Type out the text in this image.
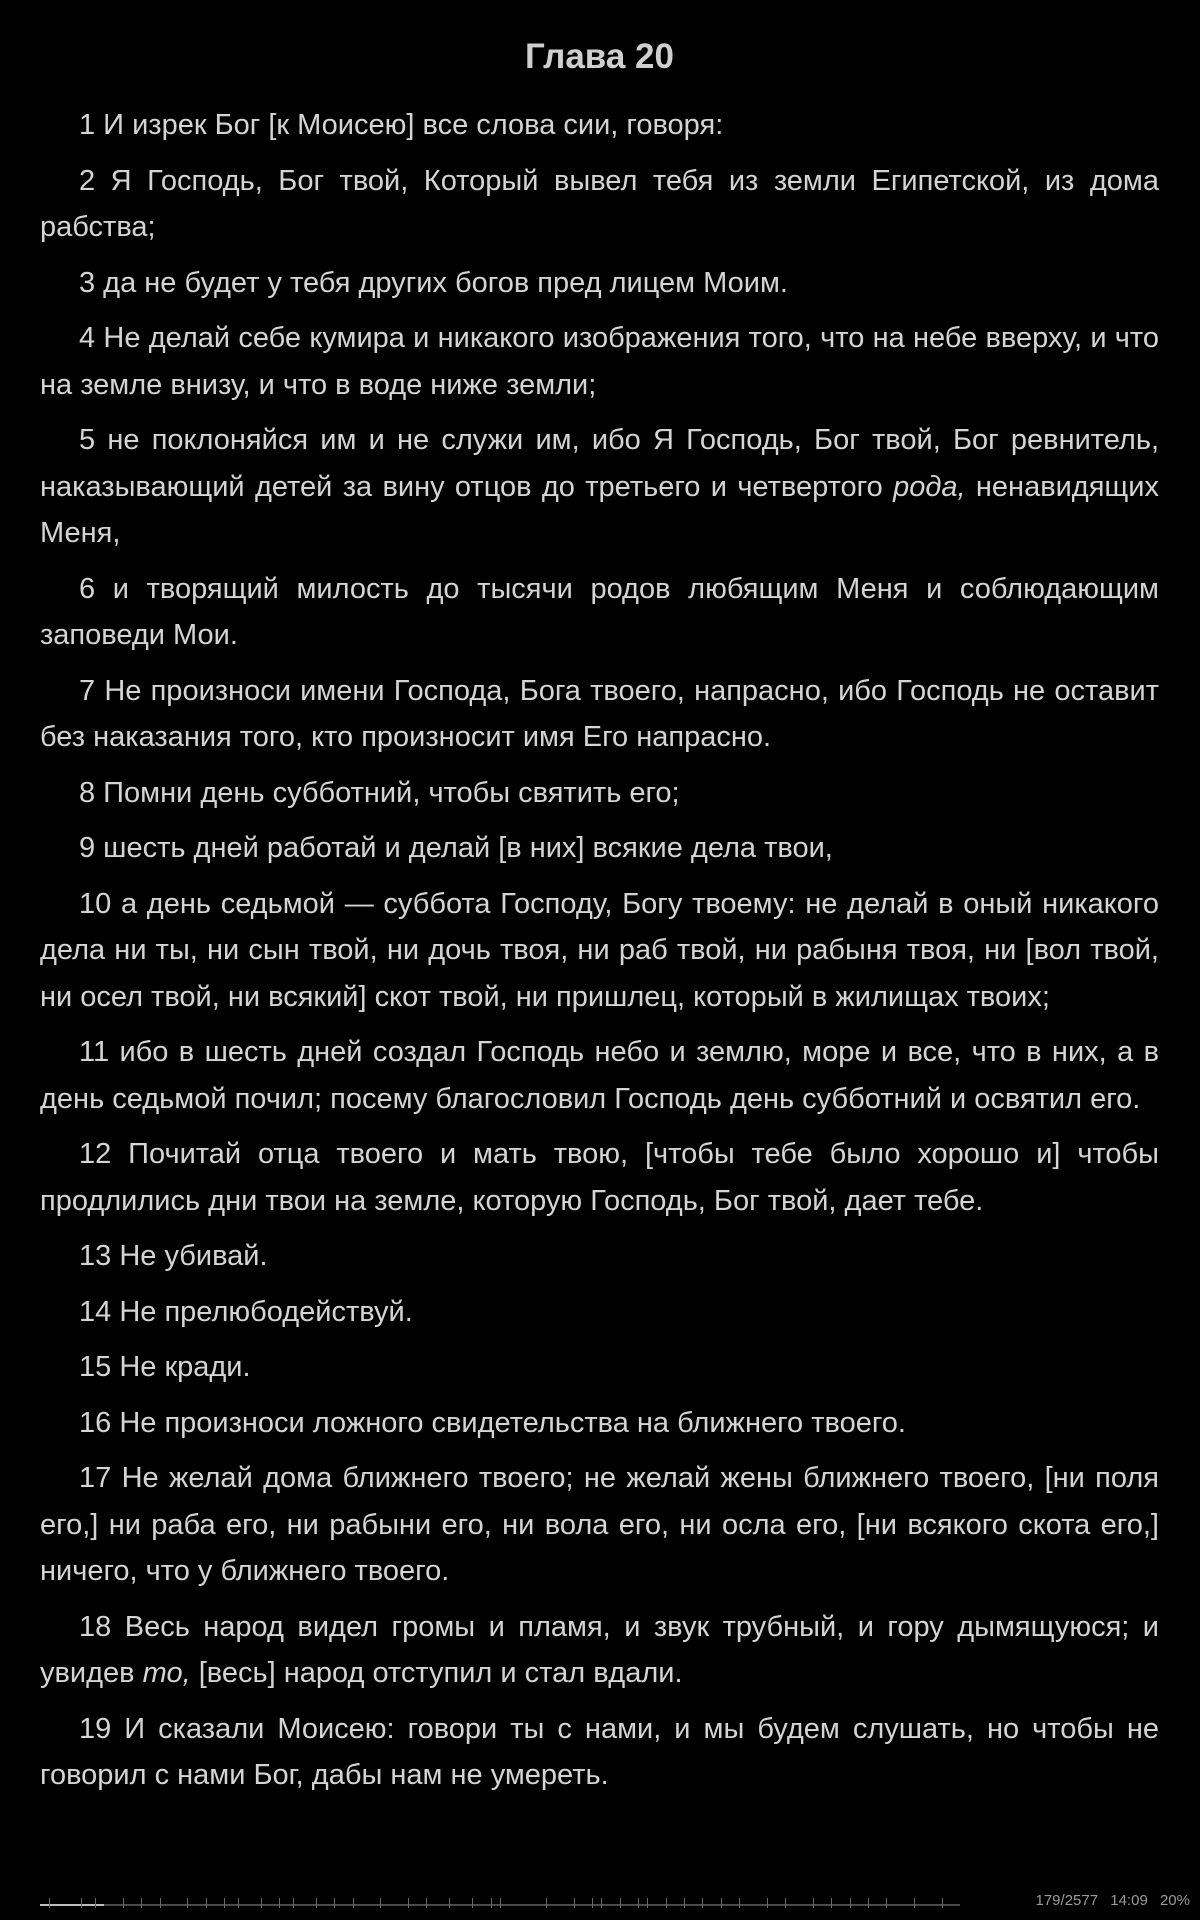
Глава 20

1 И изрек Бог [к Моисею] все слова сии, говоря:

2 Я Господь, Бог твой, Который вывел тебя из земли Египетской, из дома рабства;

3 да не будет у тебя других богов пред лицем Моим.

4 Не делай себе кумира и никакого изображения того, что на небе вверху, и что на земле внизу, и что в воде ниже земли;

5 не поклоняйся им и не служи им, ибо Я Господь, Бог твой, Бог ревнитель, наказывающий детей за вину отцов до третьего и четвертого рода, ненавидящих Меня,

6 и творящий милость до тысячи родов любящим Меня и соблюдающим заповеди Мои.

7 Не произноси имени Господа, Бога твоего, напрасно, ибо Господь не оставит без наказания того, кто произносит имя Его напрасно.

8 Помни день субботний, чтобы святить его;

9 шесть дней работай и делай [в них] всякие дела твои,

10 а день седьмой — суббота Господу, Богу твоему: не делай в оный никакого дела ни ты, ни сын твой, ни дочь твоя, ни раб твой, ни рабыня твоя, ни [вол твой, ни осел твой, ни всякий] скот твой, ни пришлец, который в жилищах твоих;

11 ибо в шесть дней создал Господь небо и землю, море и все, что в них, а в день седьмой почил; посему благословил Господь день субботний и освятил его.

12 Почитай отца твоего и мать твою, [чтобы тебе было хорошо и] чтобы продлились дни твои на земле, которую Господь, Бог твой, дает тебе.

13 Не убивай.

14 Не прелюбодействуй.

15 Не кради.

16 Не произноси ложного свидетельства на ближнего твоего.

17 Не желай дома ближнего твоего; не желай жены ближнего твоего, [ни поля его,] ни раба его, ни рабыни его, ни вола его, ни осла его, [ни всякого скота его,] ничего, что у ближнего твоего.

18 Весь народ видел громы и пламя, и звук трубный, и гору дымящуюся; и увидев то, [весь] народ отступил и стал вдали.

19 И сказали Моисею: говори ты с нами, и мы будем слушать, но чтобы не говорил с нами Бог, дабы нам не умереть.

179/2577 14:09 20%
